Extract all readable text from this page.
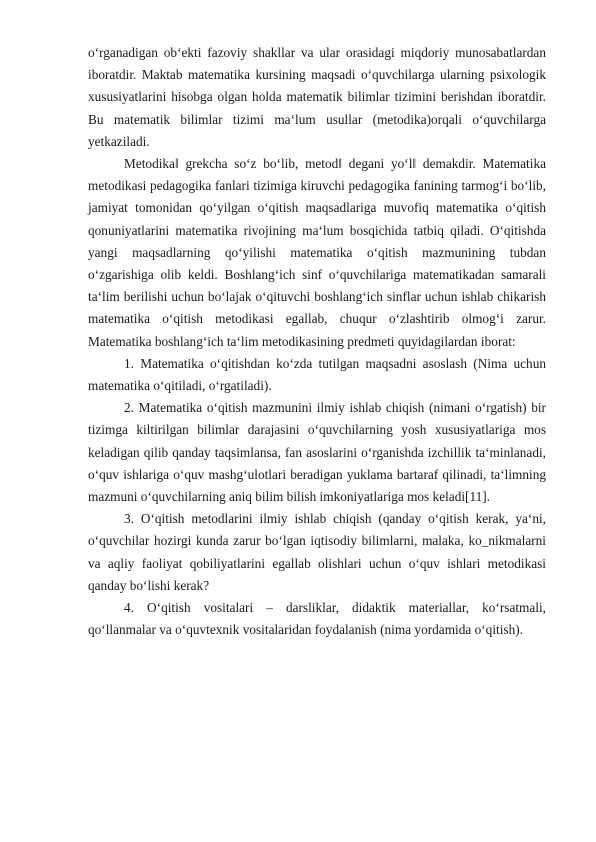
o‘rganadigan ob‘ekti fazoviy shakllar va ular orasidagi miqdoriy munosabatlardan iboratdir. Maktab matematika kursining maqsadi o‘quvchilarga ularning psixologik xususiyatlarini hisobga olgan holda matematik bilimlar tizimini berishdan iboratdir. Bu matematik bilimlar tizimi ma‘lum usullar (metodika)orqali o‘quvchilarga yetkaziladi.

Metodika‖ grekcha so‘z bo‘lib, metod‖ degani yo‘l‖ demakdir. Matematika metodikasi pedagogika fanlari tizimiga kiruvchi pedagogika fanining tarmog‘i bo‘lib, jamiyat tomonidan qo‘yilgan o‘qitish maqsadlariga muvofiq matematika o‘qitish qonuniyatlarini matematika rivojining ma‘lum bosqichida tatbiq qiladi. O‘qitishda yangi maqsadlarning qo‘yilishi matematika o‘qitish mazmunining tubdan o‘zgarishiga olib keldi. Boshlang‘ich sinf o‘quvchilariga matematikadan samarali ta‘lim berilishi uchun bo‘lajak o‘qituvchi boshlang‘ich sinflar uchun ishlab chikarish matematika o‘qitish metodikasi egallab, chuqur o‘zlashtirib olmog‘i zarur. Matematika boshlang‘ich ta‘lim metodikasining predmeti quyidagilardan iborat:

1. Matematika o‘qitishdan ko‘zda tutilgan maqsadni asoslash (Nima uchun matematika o‘qitiladi, o‘rgatiladi).

2. Matematika o‘qitish mazmunini ilmiy ishlab chiqish (nimani o‘rgatish) bir tizimga kiltirilgan bilimlar darajasini o‘quvchilarning yosh xususiyatlariga mos keladigan qilib qanday taqsimlansa, fan asoslarini o‘rganishda izchillik ta‘minlanadi, o‘quv ishlariga o‘quv mashg‘ulotlari beradigan yuklama bartaraf qilinadi, ta‘limning mazmuni o‘quvchilarning aniq bilim bilish imkoniyatlariga mos keladi[11].

3. O‘qitish metodlarini ilmiy ishlab chiqish (qanday o‘qitish kerak, ya‘ni, o‘quvchilar hozirgi kunda zarur bo‘lgan iqtisodiy bilimlarni, malaka, ko_nikmalarni va aqliy faoliyat qobiliyatlarini egallab olishlari uchun o‘quv ishlari metodikasi qanday bo‘lishi kerak?

4. O‘qitish vositalari – darsliklar, didaktik materiallar, ko‘rsatmali, qo‘llanmalar va o‘quvtexnik vositalaridan foydalanish (nima yordamida o‘qitish).
